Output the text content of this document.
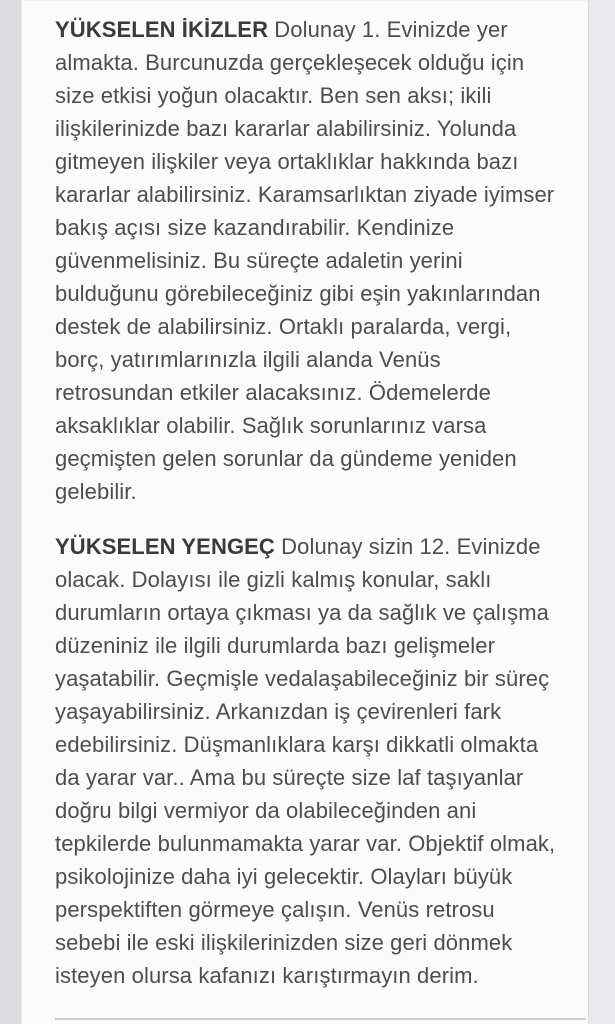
YÜKSELEN İKİZLER Dolunay 1. Evinizde yer almakta. Burcunuzda gerçekleşecek olduğu için size etkisi yoğun olacaktır. Ben sen aksı; ikili ilişkilerinizde bazı kararlar alabilirsiniz. Yolunda gitmeyen ilişkiler veya ortaklıklar hakkında bazı kararlar alabilirsiniz. Karamsarlıktan ziyade iyimser bakış açısı size kazandırabilir. Kendinize güvenmelisiniz. Bu süreçte adaletin yerini bulduğunu görebileceğiniz gibi eşin yakınlarından destek de alabilirsiniz. Ortaklı paralarda, vergi, borç, yatırımlarınızla ilgili alanda Venüs retrosundan etkiler alacaksınız. Ödemelerde aksaklıklar olabilir. Sağlık sorunlarınız varsa geçmişten gelen sorunlar da gündeme yeniden gelebilir.

YÜKSELEN YENGEÇ Dolunay sizin 12. Evinizde olacak. Dolayısı ile gizli kalmış konular, saklı durumların ortaya çıkması ya da sağlık ve çalışma düzeniniz ile ilgili durumlarda bazı gelişmeler yaşatabilir. Geçmişle vedalaşabileceğiniz bir süreç yaşayabilirsiniz. Arkanızdan iş çevirenleri fark edebilirsiniz. Düşmanlıklara karşı dikkatli olmakta da yarar var.. Ama bu süreçte size laf taşıyanlar doğru bilgi vermiyor da olabileceğinden ani tepkilerde bulunmamakta yarar var. Objektif olmak, psikolojinize daha iyi gelecektir. Olayları büyük perspektiften görmeye çalışın. Venüs retrosu sebebi ile eski ilişkilerinizden size geri dönmek isteyen olursa kafanızı karıştırmayın derim.
